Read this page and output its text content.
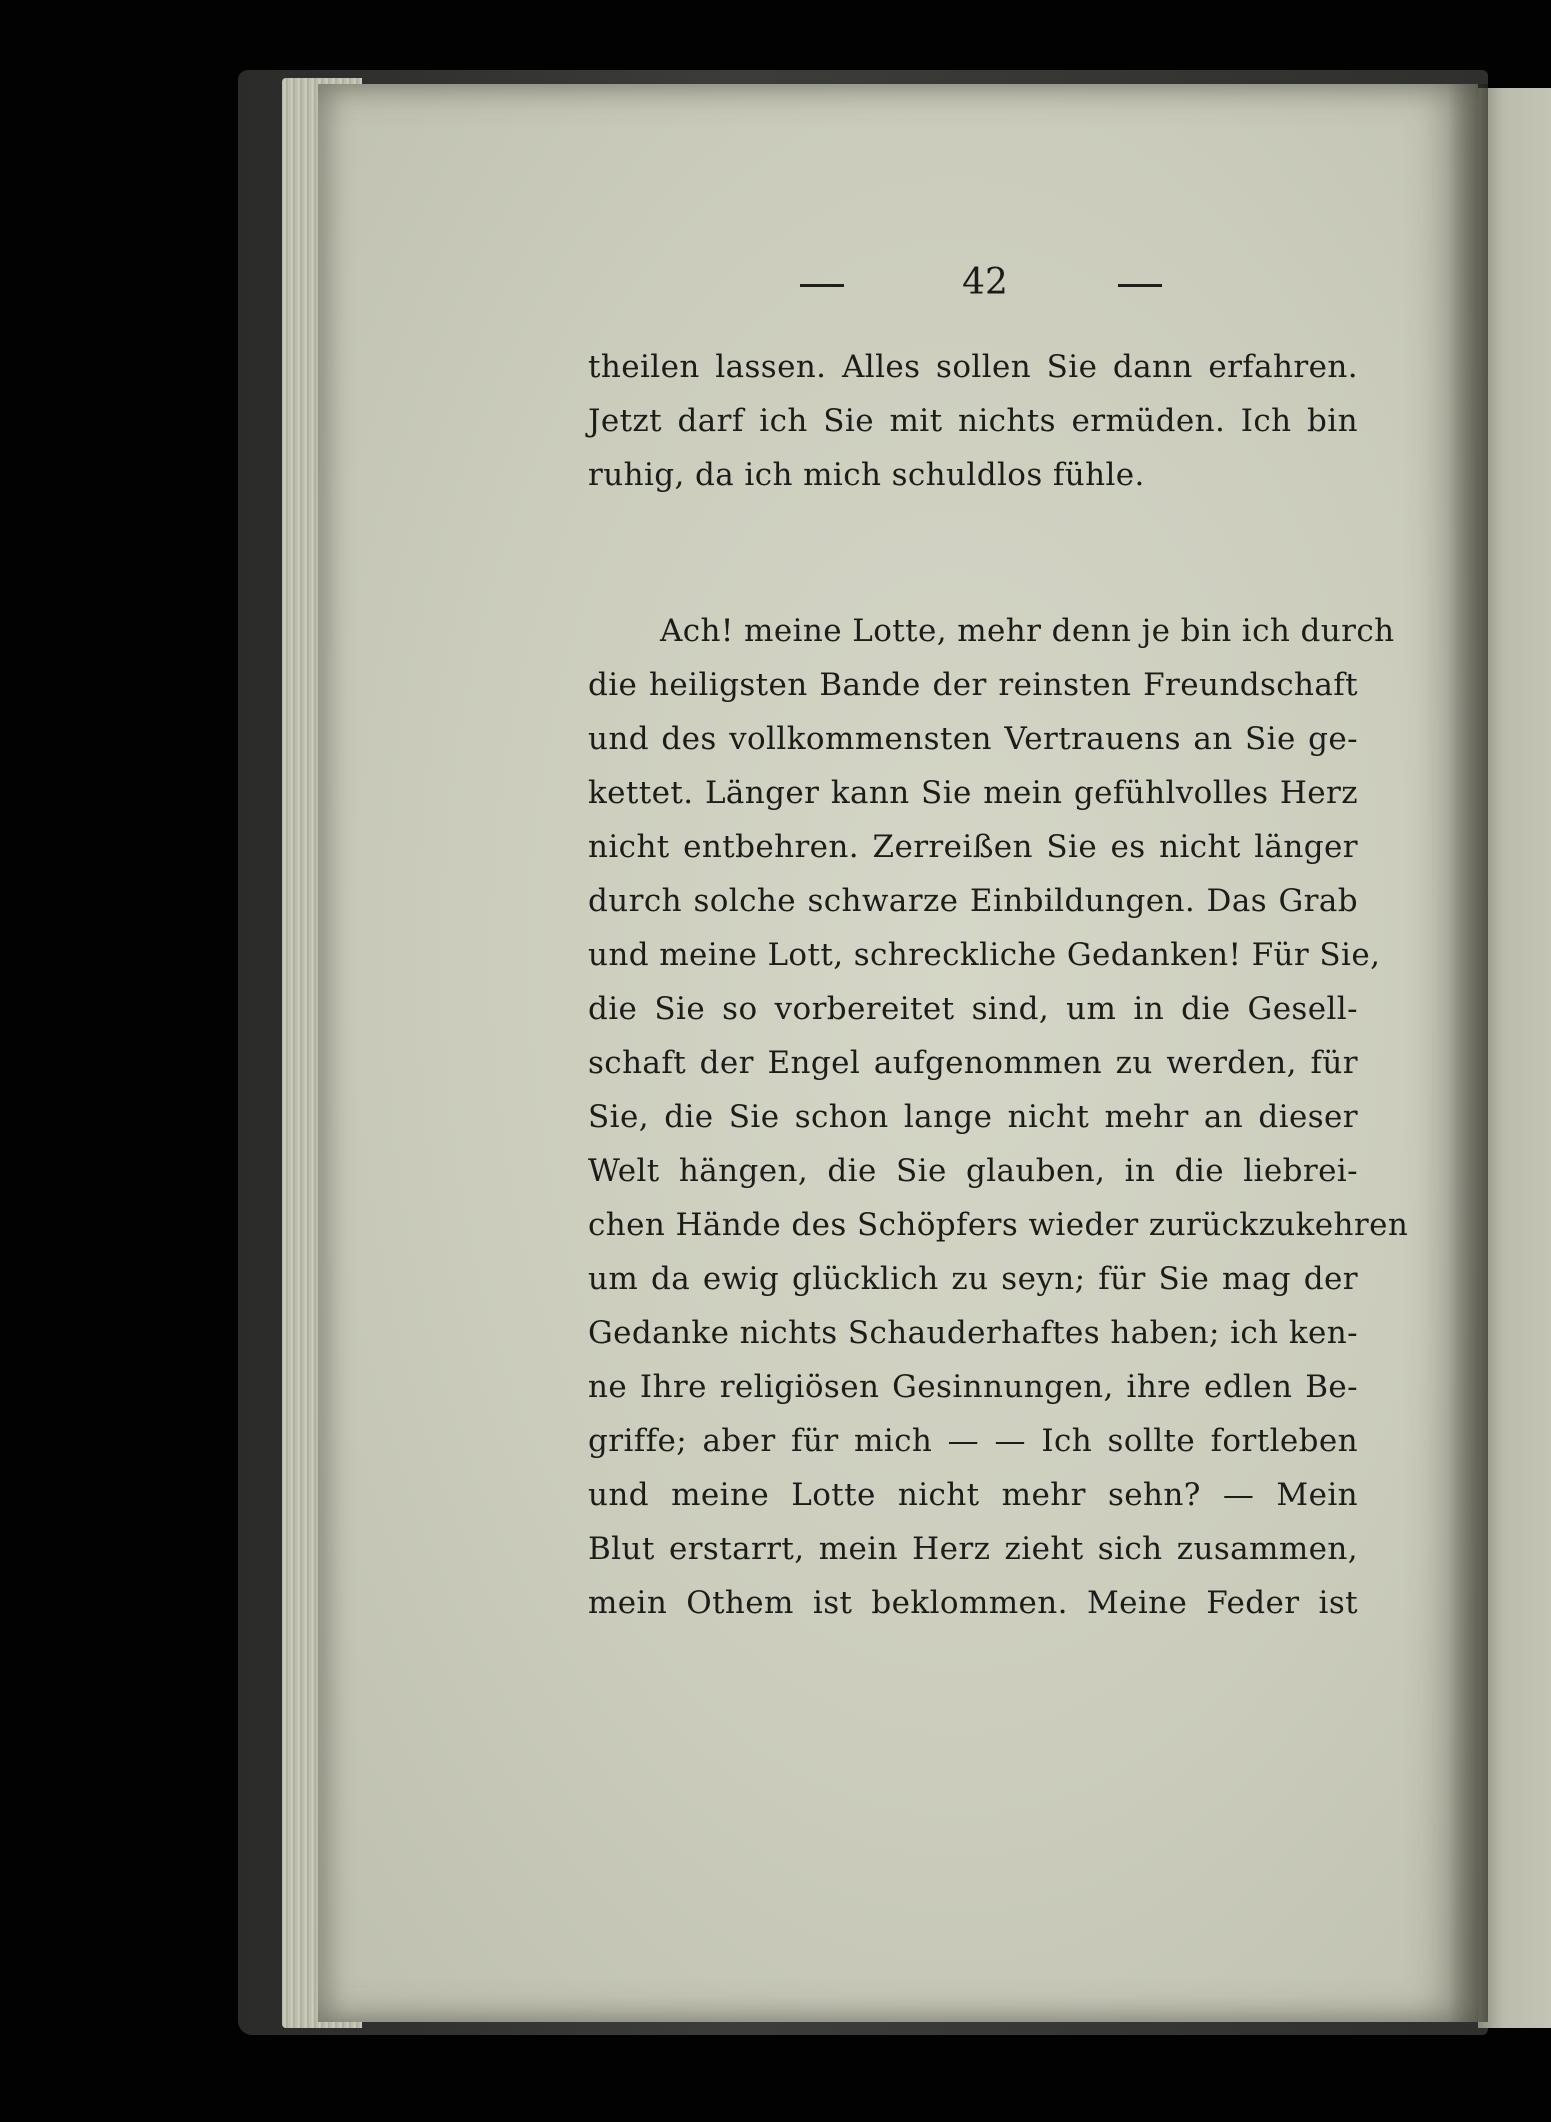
42
theilen lassen. Alles sollen Sie dann erfahren.
Jetzt darf ich Sie mit nichts ermüden. Ich bin
ruhig, da ich mich schuldlos fühle.
Ach! meine Lotte, mehr denn je bin ich durch
die heiligsten Bande der reinsten Freundschaft
und des vollkommensten Vertrauens an Sie ge-
kettet. Länger kann Sie mein gefühlvolles Herz
nicht entbehren. Zerreißen Sie es nicht länger
durch solche schwarze Einbildungen. Das Grab
und meine Lott, schreckliche Gedanken! Für Sie,
die Sie so vorbereitet sind, um in die Gesell-
schaft der Engel aufgenommen zu werden, für
Sie, die Sie schon lange nicht mehr an dieser
Welt hängen, die Sie glauben, in die liebrei-
chen Hände des Schöpfers wieder zurückzukehren
um da ewig glücklich zu seyn; für Sie mag der
Gedanke nichts Schauderhaftes haben; ich ken-
ne Ihre religiösen Gesinnungen, ihre edlen Be-
griffe; aber für mich — — Ich sollte fortleben
und meine Lotte nicht mehr sehn? — Mein
Blut erstarrt, mein Herz zieht sich zusammen,
mein Othem ist beklommen. Meine Feder ist
